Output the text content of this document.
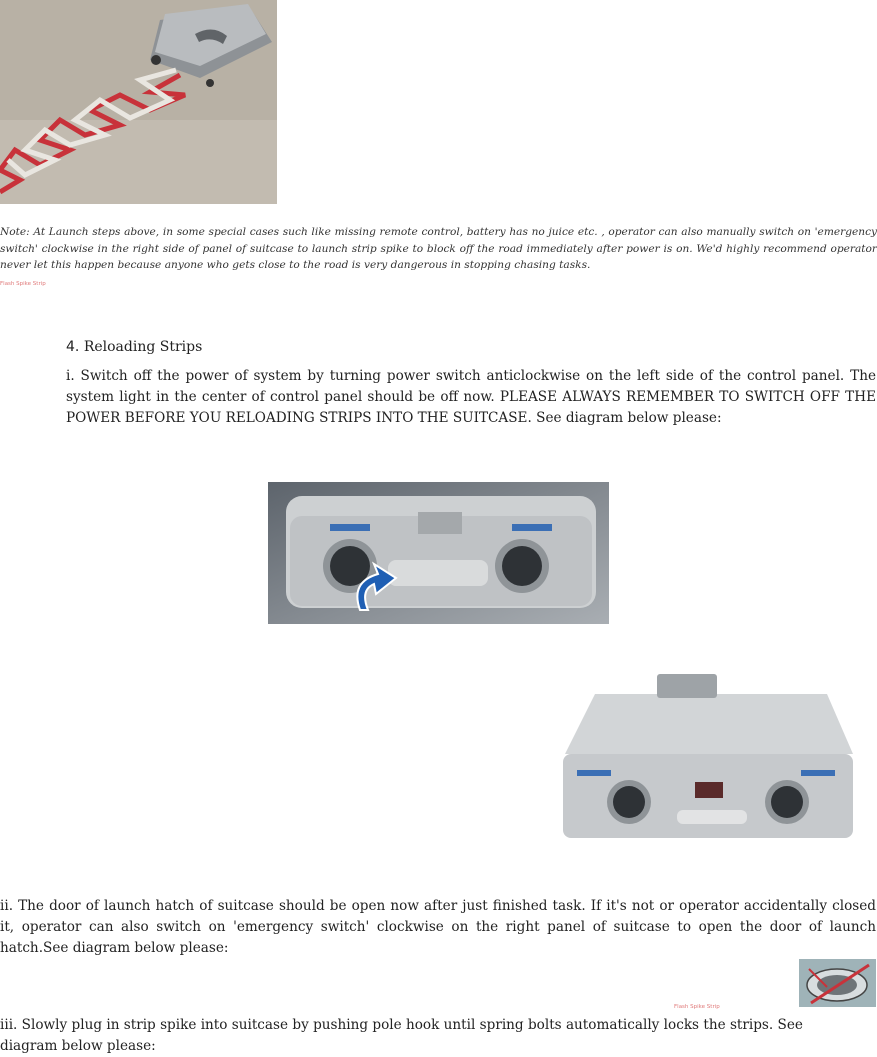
Note: At Launch steps above, in some special cases such like missing remote control, battery has no juice etc. , operator can also manually switch on 'emergency switch' clockwise in the right side of panel of suitcase to launch strip spike to block off the road immediately after power is on. We'd highly recommend operator never let this happen because anyone who gets close to the road is very dangerous in stopping chasing tasks.
Flash Spike Strip
4. Reloading Strips
i. Switch off the power of system by turning power switch anticlockwise on the left side of the control panel. The system light in the center of control panel should be off now. PLEASE ALWAYS REMEMBER TO SWITCH OFF THE POWER BEFORE YOU RELOADING STRIPS INTO THE SUITCASE. See diagram below please:
ii. The door of launch hatch of suitcase should be open now after just finished task. If it's not or operator accidentally closed it, operator can also switch on 'emergency switch' clockwise on the right panel of suitcase to open the door of launch hatch.See diagram below please:
Flash Spike Strip
iii. Slowly plug in strip spike into suitcase by pushing pole hook until spring bolts automatically locks the strips. See diagram below please:
